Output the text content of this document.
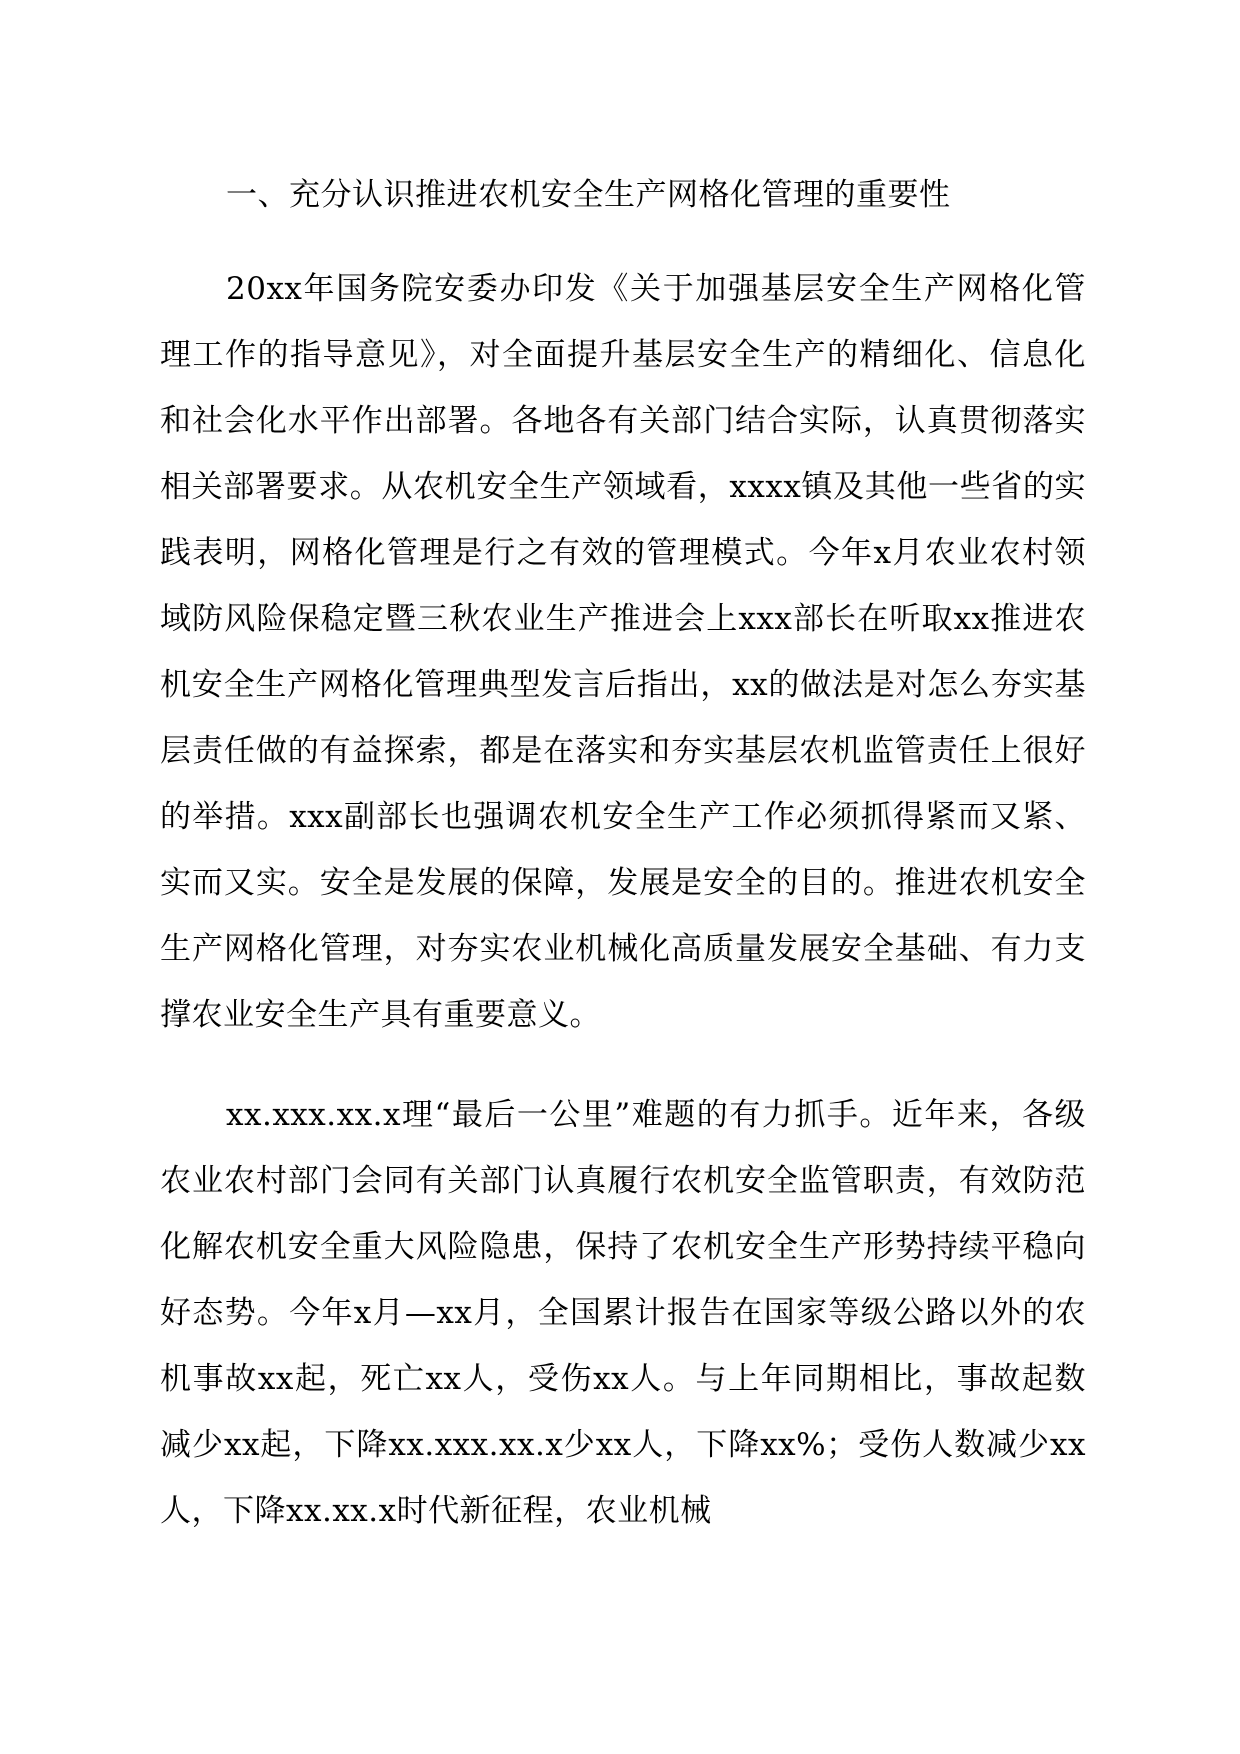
一、充分认识推进农机安全生产网格化管理的重要性

20xx年国务院安委办印发《关于加强基层安全生产网格化管理工作的指导意见》，对全面提升基层安全生产的精细化、信息化和社会化水平作出部署。各地各有关部门结合实际，认真贯彻落实相关部署要求。从农机安全生产领域看，xxxx镇及其他一些省的实践表明，网格化管理是行之有效的管理模式。今年x月农业农村领域防风险保稳定暨三秋农业生产推进会上xxx部长在听取xx推进农机安全生产网格化管理典型发言后指出，xx的做法是对怎么夯实基层责任做的有益探索，都是在落实和夯实基层农机监管责任上很好的举措。xxx副部长也强调农机安全生产工作必须抓得紧而又紧、实而又实。安全是发展的保障，发展是安全的目的。推进农机安全生产网格化管理，对夯实农业机械化高质量发展安全基础、有力支撑农业安全生产具有重要意义。

xx.xxx.xx.x理“最后一公里”难题的有力抓手。近年来，各级农业农村部门会同有关部门认真履行农机安全监管职责，有效防范化解农机安全重大风险隐患，保持了农机安全生产形势持续平稳向好态势。今年x月—xx月，全国累计报告在国家等级公路以外的农机事故xx起，死亡xx人，受伤xx人。与上年同期相比，事故起数减少xx起，下降xx.xxx.xx.x少xx人，下降xx%；受伤人数减少xx人，下降xx.xx.x时代新征程，农业机械
